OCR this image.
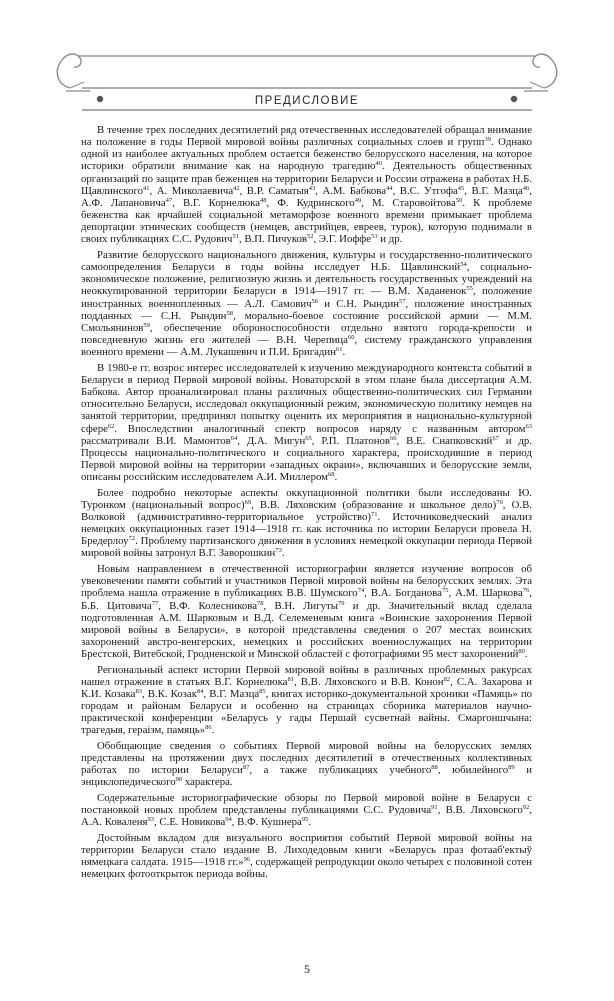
ПРЕДИСЛОВИЕ

В течение трех последних десятилетий ряд отечественных исследователей обращал внимание на положение в годы Первой мировой войны различных социальных слоев и групп$^{39}$. Однако одной из наиболее актуальных проблем остается беженство белорусского населения, на которое историки обратили внимание как на народную трагедию$^{40}$. Деятельность общественных организаций по защите прав беженцев на территории Беларуси и России отражена в работах Н.Б. Щавлинского$^{41}$, А. Миколаевича$^{42}$, В.Р. Саматыя$^{43}$, А.М. Бабкова$^{44}$, В.С. Утгофа$^{45}$, В.Г. Мазца$^{46}$, А.Ф. Лапановича$^{47}$, В.Г. Корнелюка$^{48}$, Ф. Кудринского$^{49}$, М. Старовойтова$^{50}$. К проблеме беженства как ярчайшей социальной метаморфозе военного времени примыкает проблема депортации этнических сообществ (немцев, австрийцев, евреев, турок), которую поднимали в своих публикациях С.С. Рудович$^{51}$, В.П. Пичуков$^{52}$, Э.Г. Иоффе$^{53}$ и др.

Развитие белорусского национального движения, культуры и государственно-политического самоопределения Беларуси в годы войны исследует Н.Б. Щавлинский$^{54}$, социально-экономическое положение, религиозную жизнь и деятельность государственных учреждений на неоккупированной территории Беларуси в 1914—1917 гг. — В.М. Хаданенок$^{55}$, положение иностранных военнопленных — А.Л. Самович$^{56}$ и С.Н. Рындин$^{57}$, положение иностранных подданных — С.Н. Рындин$^{58}$, морально-боевое состояние российской армии — М.М. Смольянинов$^{59}$, обеспечение обороноспособности отдельно взятого города-крепости и повседневную жизнь его жителей — В.Н. Черепица$^{60}$, систему гражданского управления военного времени — А.М. Лукашевич и П.И. Бригадин$^{61}$.

В 1980-е гг. возрос интерес исследователей к изучению международного контекста событий в Беларуси в период Первой мировой войны. Новаторской в этом плане была диссертация А.М. Бабкова. Автор проанализировал планы различных общественно-политических сил Германии относительно Беларуси, исследовал оккупационный режим, экономическую политику немцев на занятой территории, предпринял попытку оценить их мероприятия в национально-культурной сфере$^{62}$. Впоследствии аналогичный спектр вопросов наряду с названным автором$^{63}$ рассматривали В.И. Мамонтов$^{64}$, Д.А. Мигун$^{65}$, Р.П. Платонов$^{66}$, В.Е. Снапковский$^{67}$ и др. Процессы национально-политического и социального характера, происходившие в период Первой мировой войны на территории «западных окраин», включавших и белорусские земли, описаны российским исследователем А.И. Миллером$^{68}$.

Более подробно некоторые аспекты оккупационной политики были исследованы Ю. Туронком (национальный вопрос)$^{69}$, В.В. Ляховским (образование и школьное дело)$^{70}$, О.В. Волковой (административно-территориальное устройство)$^{71}$. Источниковедческий анализ немецких оккупационных газет 1914—1918 гг. как источника по истории Беларуси провела Н. Бредерлоу$^{72}$. Проблему партизанского движения в условиях немецкой оккупации периода Первой мировой войны затронул В.Г. Заворошкин$^{73}$.

Новым направлением в отечественной историографии является изучение вопросов об увековечении памяти событий и участников Первой мировой войны на белорусских землях. Эта проблема нашла отражение в публикациях В.В. Шумского$^{74}$, В.А. Богданова$^{75}$, А.М. Шаркова$^{76}$, Б.Б. Цитовича$^{77}$, В.Ф. Колесникова$^{78}$, В.Н. Лигуты$^{79}$ и др. Значительный вклад сделала подготовленная А.М. Шарковым и В.Д. Селеменевым книга «Воинские захоронения Первой мировой войны в Беларуси», в которой представлены сведения о 207 местах воинских захоронений австро-венгерских, немецких и российских военнослужащих на территории Брестской, Витебской, Гродненской и Минской областей с фотографиями 95 мест захоронений$^{80}$.

Региональный аспект истории Первой мировой войны в различных проблемных ракурсах нашел отражение в статьях В.Г. Корнелюка$^{81}$, В.В. Ляховского и В.В. Конон$^{82}$, С.А. Захарова и К.И. Козака$^{83}$, В.К. Козак$^{84}$, В.Г. Мазца$^{85}$, книгах историко-документальной хроники «Памяць» по городам и районам Беларуси и особенно на страницах сборника материалов научно-практической конференции «Беларусь у гады Першай сусветнай вайны. Смаргоншчына: трагедыя, гераізм, памяць»$^{86}$.

Обобщающие сведения о событиях Первой мировой войны на белорусских землях представлены на протяжении двух последних десятилетий в отечественных коллективных работах по истории Беларуси$^{87}$, а также публикациях учебного$^{88}$, юбилейного$^{89}$ и энциклопедического$^{90}$ характера.

Содержательные историографические обзоры по Первой мировой войне в Беларуси с постановкой новых проблем представлены публикациями С.С. Рудовича$^{91}$, В.В. Ляховского$^{92}$, А.А. Коваленя$^{93}$, С.Е. Новикова$^{94}$, В.Ф. Кушнера$^{95}$.

Достойным вкладом для визуального восприятия событий Первой мировой войны на территории Беларуси стало издание В. Лиходедовым книги «Беларусь праз фотааб'ектыў нямецкага салдата. 1915—1918 гг.»$^{96}$, содержащей репродукции около четырех с половиной сотен немецких фотооткрыток периода войны.

5
